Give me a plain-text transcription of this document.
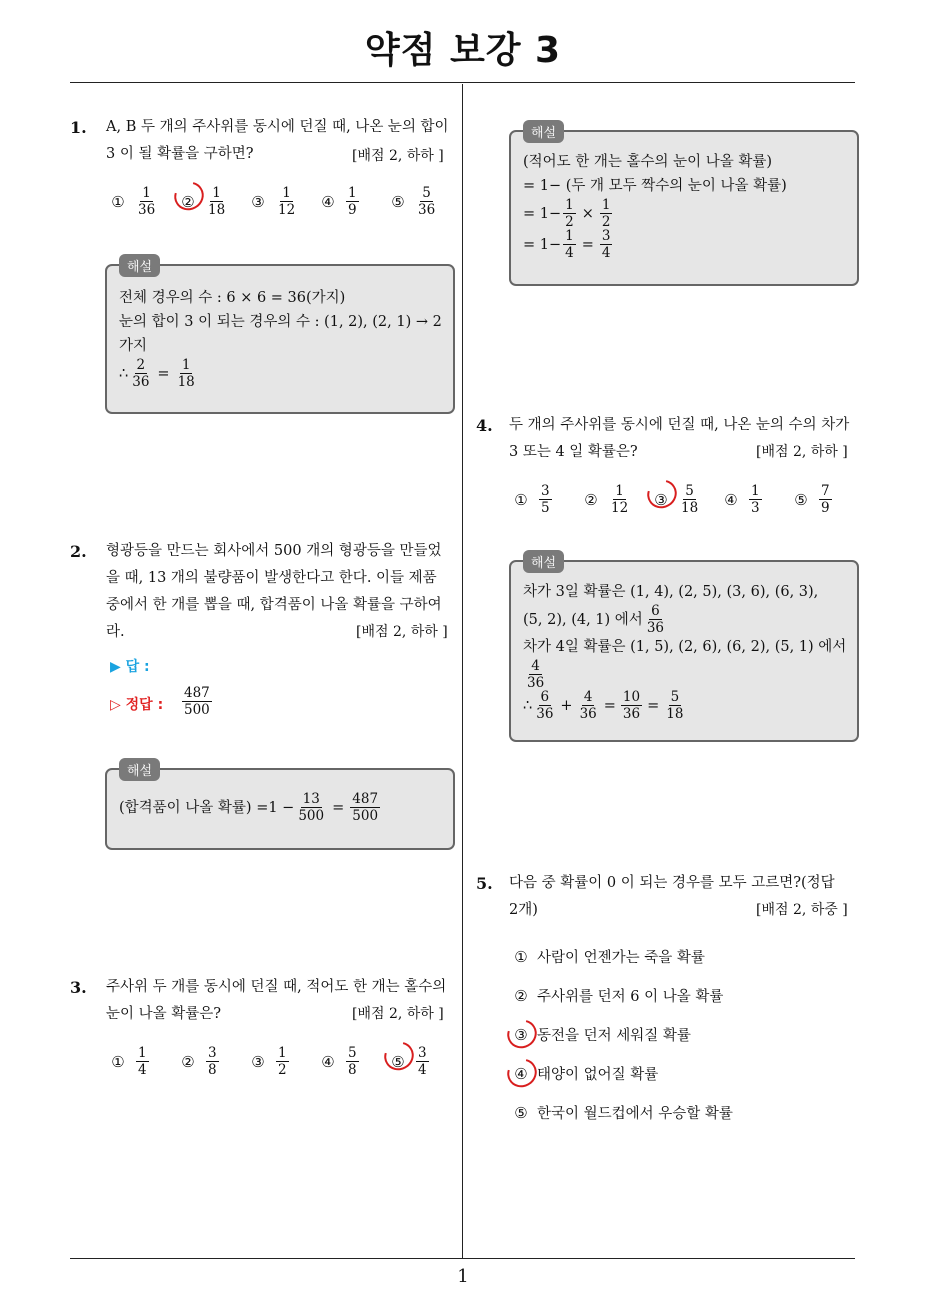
약점 보강 3
1
1. A, B 두 개의 주사위를 동시에 던질 때, 나온 눈의 합이 3 이 될 확률을 구하면?	[배점 2, 하하 ]
① $\frac{1}{36}$ ② $\frac{1}{18}$ ③ $\frac{1}{12}$ ④ $\frac{1}{9}$ ⑤ $\frac{5}{36}$
해설
전체 경우의 수 : 6 × 6 = 36(가지)
눈의 합이 3 이 되는 경우의 수 : (1, 2), (2, 1) → 2
가지
∴ $\frac{2}{36} = \frac{1}{18}$
2. 형광등을 만드는 회사에서 500 개의 형광등을 만들었
을 때, 13 개의 불량품이 발생한다고 한다. 이들 제품
중에서 한 개를 뽑을 때, 합격품이 나올 확률을 구하여
라.	[배점 2, 하하 ]
▶ 답 :
▷ 정답 : $\frac{487}{500}$
해설
(합격품이 나올 확률) $=1 - \frac{13}{500} = \frac{487}{500}$
3. 주사위 두 개를 동시에 던질 때, 적어도 한 개는 홀수의
눈이 나올 확률은?	[배점 2, 하하 ]
① $\frac{1}{4}$ ② $\frac{3}{8}$ ③ $\frac{1}{2}$ ④ $\frac{5}{8}$ ⑤ $\frac{3}{4}$
해설
(적어도 한 개는 홀수의 눈이 나올 확률)
= 1− (두 개 모두 짝수의 눈이 나올 확률)
= $1- \frac{1}{2} \times \frac{1}{2}$
= $1- \frac{1}{4} = \frac{3}{4}$
4. 두 개의 주사위를 동시에 던질 때, 나온 눈의 수의 차가
3 또는 4 일 확률은?	[배점 2, 하하 ]
① $\frac{3}{5}$ ② $\frac{1}{12}$ ③ $\frac{5}{18}$ ④ $\frac{1}{3}$ ⑤ $\frac{7}{9}$
해설
차가 3일 확률은 (1, 4), (2, 5), (3, 6), (6, 3),
(5, 2), (4, 1) 에서 $\frac{6}{36}$
차가 4일 확률은 (1, 5), (2, 6), (6, 2), (5, 1) 에서
$\frac{4}{36}$
∴ $\frac{6}{36} + \frac{4}{36} = \frac{10}{36} = \frac{5}{18}$
5. 다음 중 확률이 0 이 되는 경우를 모두 고르면?(정답
2개)	[배점 2, 하중 ]
① 사람이 언젠가는 죽을 확률
② 주사위를 던저 6 이 나올 확률
③ 동전을 던저 세워질 확률
④ 태양이 없어질 확률
⑤ 한국이 월드컵에서 우승할 확률
